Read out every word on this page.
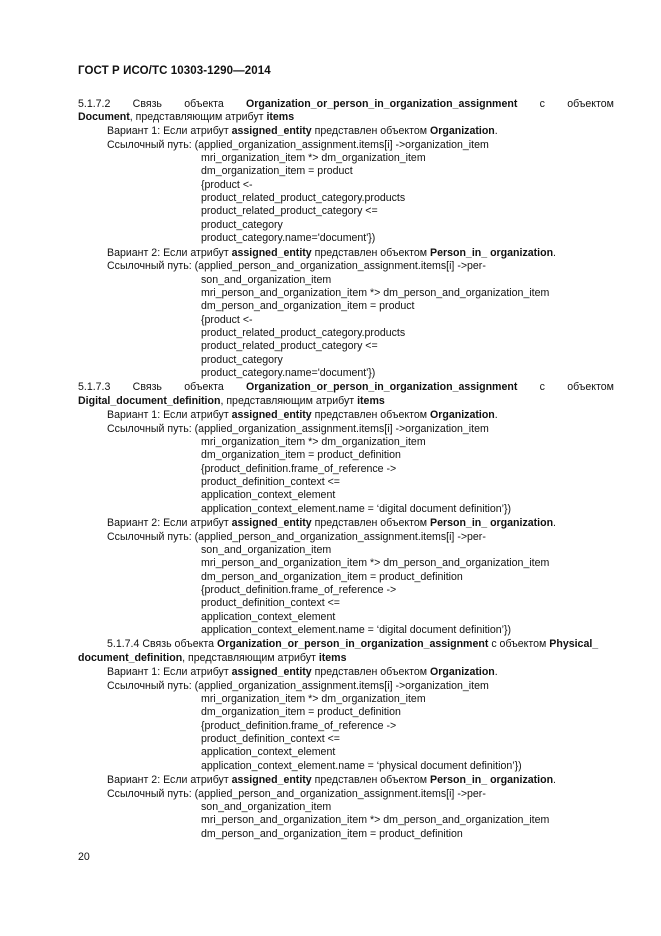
ГОСТ Р ИСО/ТС 10303-1290—2014
5.1.7.2 Связь объекта Organization_or_person_in_organization_assignment с объектом
Document, представляющим атрибут items
Вариант 1: Если атрибут assigned_entity представлен объектом Organization.
Ссылочный путь: (applied_organization_assignment.items[i] ->organization_item
mri_organization_item *> dm_organization_item
dm_organization_item = product
{product <-
product_related_product_category.products
product_related_product_category <=
product_category
product_category.name='document'})
Вариант 2: Если атрибут assigned_entity представлен объектом Person_in_ organization.
Ссылочный путь: (applied_person_and_organization_assignment.items[i] ->per-
son_and_organization_item
mri_person_and_organization_item *> dm_person_and_organization_item
dm_person_and_organization_item = product
{product <-
product_related_product_category.products
product_related_product_category <=
product_category
product_category.name='document'})
5.1.7.3 Связь объекта Organization_or_person_in_organization_assignment с объектом
Digital_document_definition, представляющим атрибут items
Вариант 1: Если атрибут assigned_entity представлен объектом Organization.
Ссылочный путь: (applied_organization_assignment.items[i] ->organization_item
mri_organization_item *> dm_organization_item
dm_organization_item = product_definition
{product_definition.frame_of_reference ->
product_definition_context <=
application_context_element
application_context_element.name = ‘digital document definition’})
Вариант 2: Если атрибут assigned_entity представлен объектом Person_in_ organization.
Ссылочный путь: (applied_person_and_organization_assignment.items[i] ->per-
son_and_organization_item
mri_person_and_organization_item *> dm_person_and_organization_item
dm_person_and_organization_item = product_definition
{product_definition.frame_of_reference ->
product_definition_context <=
application_context_element
application_context_element.name = ‘digital document definition’})
5.1.7.4 Связь объекта Organization_or_person_in_organization_assignment с объектом Physical_
document_definition, представляющим атрибут items
Вариант 1: Если атрибут assigned_entity представлен объектом Organization.
Ссылочный путь: (applied_organization_assignment.items[i] ->organization_item
mri_organization_item *> dm_organization_item
dm_organization_item = product_definition
{product_definition.frame_of_reference ->
product_definition_context <=
application_context_element
application_context_element.name = ‘physical document definition’})
Вариант 2: Если атрибут assigned_entity представлен объектом Person_in_ organization.
Ссылочный путь: (applied_person_and_organization_assignment.items[i] ->per-
son_and_organization_item
mri_person_and_organization_item *> dm_person_and_organization_item
dm_person_and_organization_item = product_definition
20
